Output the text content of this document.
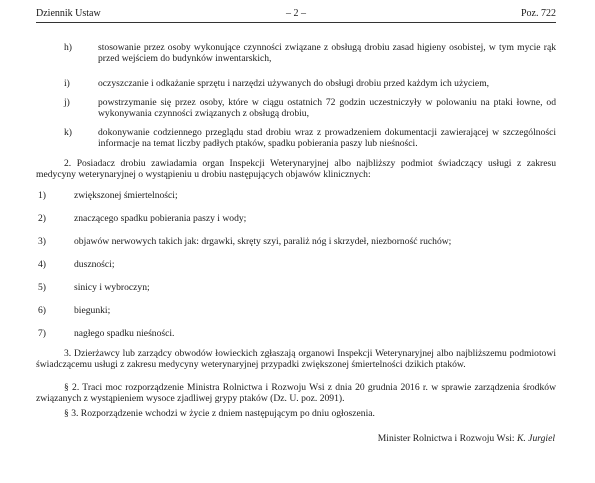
Dziennik Ustaw	– 2 –	Poz. 722
h)	stosowanie przez osoby wykonujące czynności związane z obsługą drobiu zasad higieny osobistej, w tym mycie rąk przed wejściem do budynków inwentarskich,
i)	oczyszczanie i odkażanie sprzętu i narzędzi używanych do obsługi drobiu przed każdym ich użyciem,
j)	powstrzymanie się przez osoby, które w ciągu ostatnich 72 godzin uczestniczyły w polowaniu na ptaki łowne, od wykonywania czynności związanych z obsługą drobiu,
k)	dokonywanie codziennego przeglądu stad drobiu wraz z prowadzeniem dokumentacji zawierającej w szczególności informacje na temat liczby padłych ptaków, spadku pobierania paszy lub nieśności.
2. Posiadacz drobiu zawiadamia organ Inspekcji Weterynaryjnej albo najbliższy podmiot świadczący usługi z zakresu medycyny weterynaryjnej o wystąpieniu u drobiu następujących objawów klinicznych:
1)	zwiększonej śmiertelności;
2)	znaczącego spadku pobierania paszy i wody;
3)	objawów nerwowych takich jak: drgawki, skręty szyi, paraliż nóg i skrzydeł, niezborność ruchów;
4)	duszności;
5)	sinicy i wybroczyn;
6)	biegunki;
7)	nagłego spadku nieśności.
3. Dzierżawcy lub zarządcy obwodów łowieckich zgłaszają organowi Inspekcji Weterynaryjnej albo najbliższemu podmiotowi świadczącemu usługi z zakresu medycyny weterynaryjnej przypadki zwiększonej śmiertelności dzikich ptaków.
§ 2. Traci moc rozporządzenie Ministra Rolnictwa i Rozwoju Wsi z dnia 20 grudnia 2016 r. w sprawie zarządzenia środków związanych z wystąpieniem wysoce zjadliwej grypy ptaków (Dz. U. poz. 2091).
§ 3. Rozporządzenie wchodzi w życie z dniem następującym po dniu ogłoszenia.
Minister Rolnictwa i Rozwoju Wsi: K. Jurgiel
